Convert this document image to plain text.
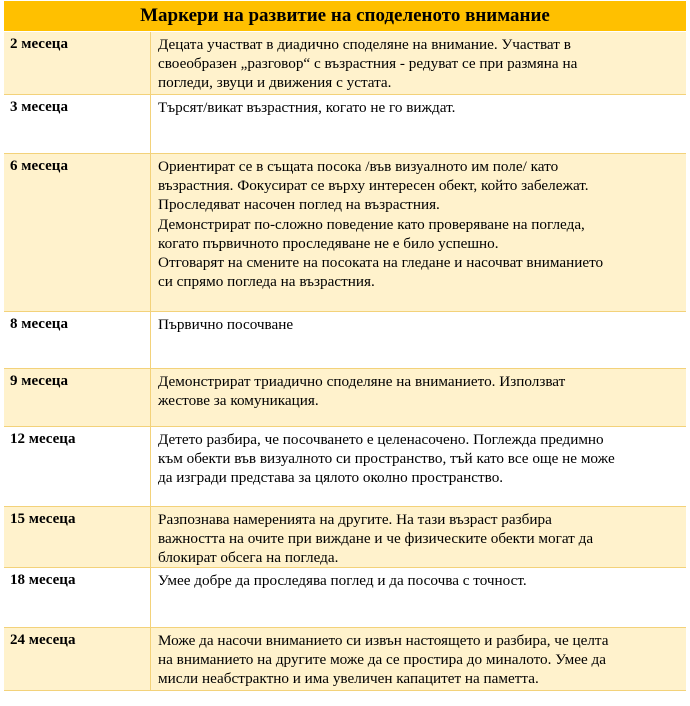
Маркери на развитие на споделеното внимание
2 месеца	Децата участват в диадично споделяне на внимание. Участват в
своеобразен „разговор“ с възрастния - редуват се при размяна на
погледи, звуци и движения с устата.
3 месеца	Търсят/викат възрастния, когато не го виждат.
6 месеца	Ориентират се в същата посока /във визуалното им поле/ като
възрастния. Фокусират се върху интересен обект, който забележат.
Проследяват насочен поглед на възрастния.
Демонстрират по-сложно поведение като проверяване на погледа,
когато първичното проследяване не е било успешно.
Отговарят на смените на посоката на гледане и насочват вниманието
си спрямо погледа на възрастния.
8 месеца	Първично посочване
9 месеца	Демонстрират триадично споделяне на вниманието. Използват
жестове за комуникация.
12 месеца	Детето разбира, че посочването е целенасочено. Поглежда предимно
към обекти във визуалното си пространство, тъй като все още не може
да изгради представа за цялото околно пространство.
15 месеца	Разпознава намеренията на другите. На тази възраст разбира
важността на очите при виждане и че физическите обекти могат да
блокират обсега на погледа.
18 месеца	Умее добре да проследява поглед и да посочва с точност.
24 месеца	Може да насочи вниманието си извън настоящето и разбира, че целта
на вниманието на другите може да се простира до миналото. Умее да
мисли неабстрактно и има увеличен капацитет на паметта.
